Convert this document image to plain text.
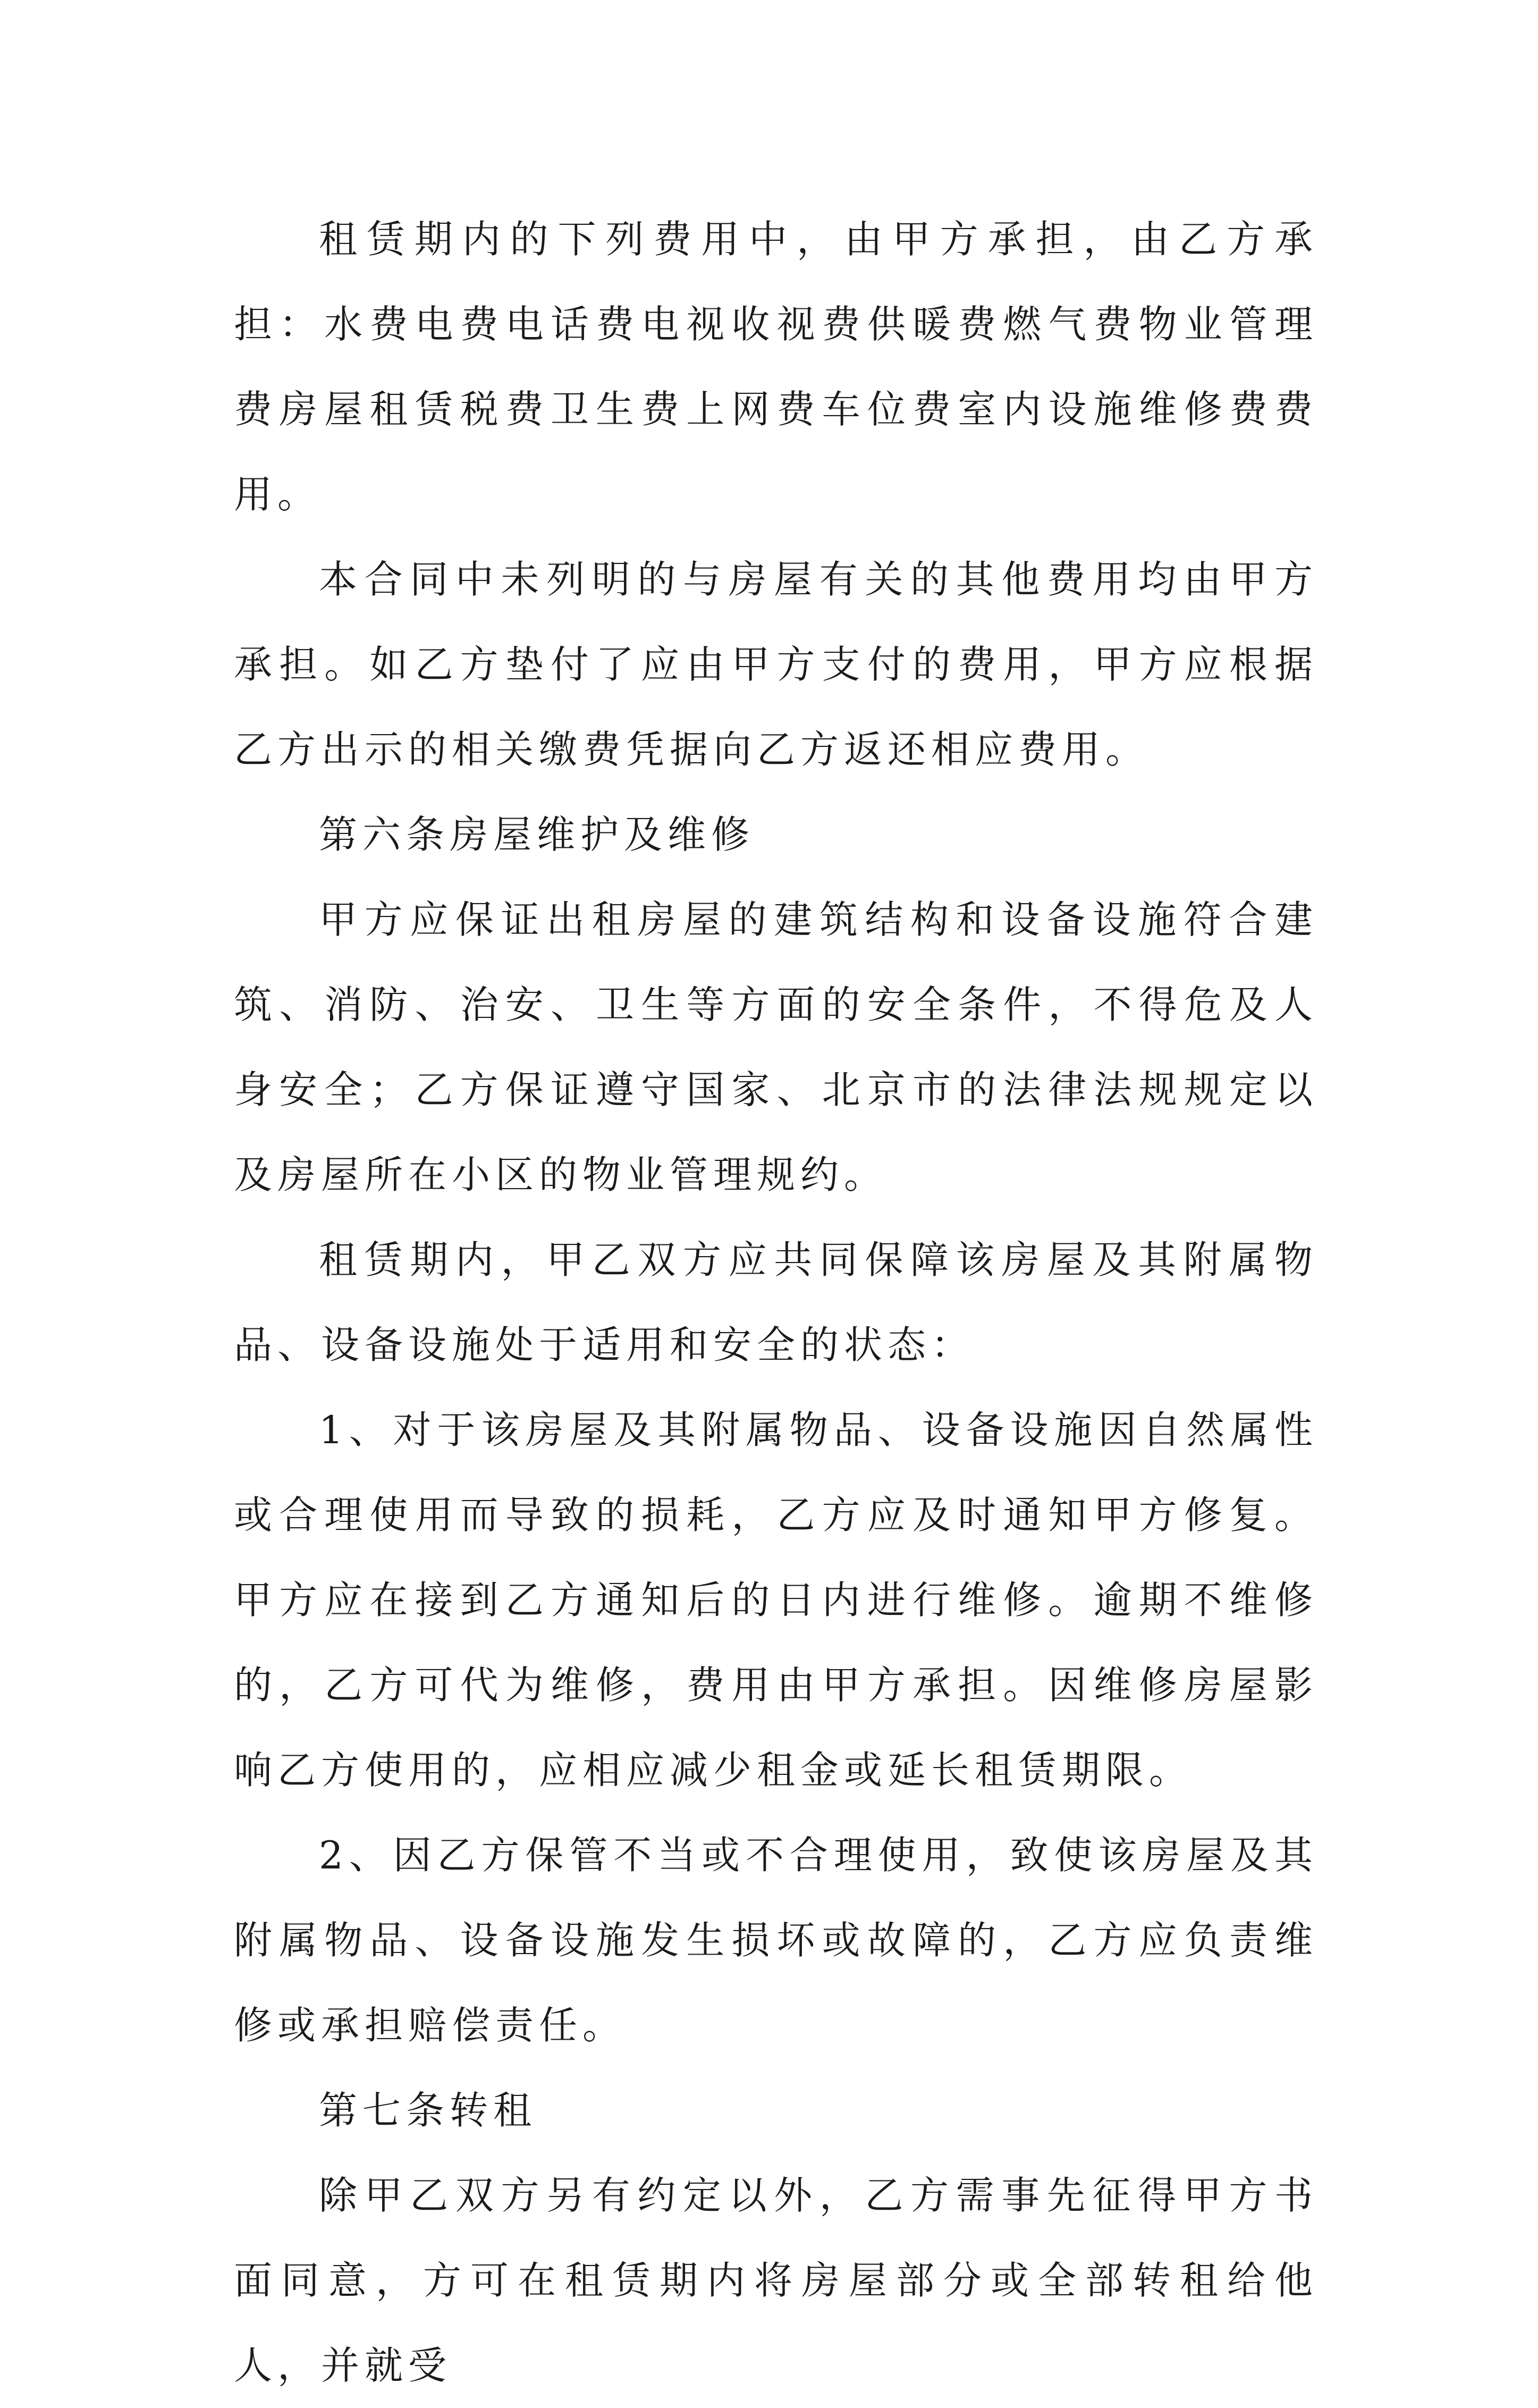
租赁期内的下列费用中，由甲方承担，由乙方承担：水费电费电话费电视收视费供暖费燃气费物业管理费房屋租赁税费卫生费上网费车位费室内设施维修费费用。

本合同中未列明的与房屋有关的其他费用均由甲方承担。如乙方垫付了应由甲方支付的费用，甲方应根据乙方出示的相关缴费凭据向乙方返还相应费用。

第六条房屋维护及维修

甲方应保证出租房屋的建筑结构和设备设施符合建筑、消防、治安、卫生等方面的安全条件，不得危及人身安全；乙方保证遵守国家、北京市的法律法规规定以及房屋所在小区的物业管理规约。

租赁期内，甲乙双方应共同保障该房屋及其附属物品、设备设施处于适用和安全的状态：

1、对于该房屋及其附属物品、设备设施因自然属性或合理使用而导致的损耗，乙方应及时通知甲方修复。甲方应在接到乙方通知后的日内进行维修。逾期不维修的，乙方可代为维修，费用由甲方承担。因维修房屋影响乙方使用的，应相应减少租金或延长租赁期限。

2、因乙方保管不当或不合理使用，致使该房屋及其附属物品、设备设施发生损坏或故障的，乙方应负责维修或承担赔偿责任。

第七条转租

除甲乙双方另有约定以外，乙方需事先征得甲方书面同意，方可在租赁期内将房屋部分或全部转租给他人，并就受
